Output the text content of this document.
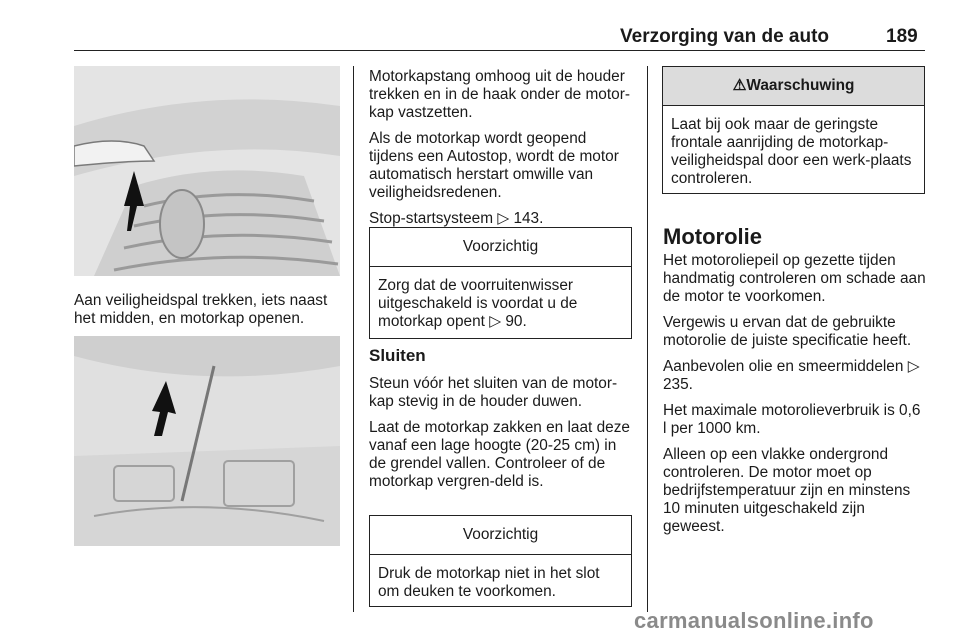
Verzorging van de auto	189

Aan veiligheidspal trekken, iets naast het midden, en motorkap openen.

Motorkapstang omhoog uit de houder trekken en in de haak onder de motor-kap vastzetten.

Als de motorkap wordt geopend tijdens een Autostop, wordt de motor automatisch herstart omwille van veiligheidsredenen.

Stop-startsysteem ▷ 143.

Voorzichtig

Zorg dat de voorruitenwisser uitgeschakeld is voordat u de motorkap opent ▷ 90.

Sluiten

Steun vóór het sluiten van de motor-kap stevig in de houder duwen.

Laat de motorkap zakken en laat deze vanaf een lage hoogte (20-25 cm) in de grendel vallen. Controleer of de motorkap vergren-deld is.

Voorzichtig

Druk de motorkap niet in het slot om deuken te voorkomen.

⚠Waarschuwing

Laat bij ook maar de geringste frontale aanrijding de motorkap-veiligheidspal door een werk-plaats controleren.

Motorolie

Het motoroliepeil op gezette tijden handmatig controleren om schade aan de motor te voorkomen.

Vergewis u ervan dat de gebruikte motorolie de juiste specificatie heeft.

Aanbevolen olie en smeermiddelen ▷ 235.

Het maximale motorolieverbruik is 0,6 l per 1000 km.

Alleen op een vlakke ondergrond controleren. De motor moet op bedrijfstemperatuur zijn en minstens 10 minuten uitgeschakeld zijn geweest.

carmanualsonline.info
